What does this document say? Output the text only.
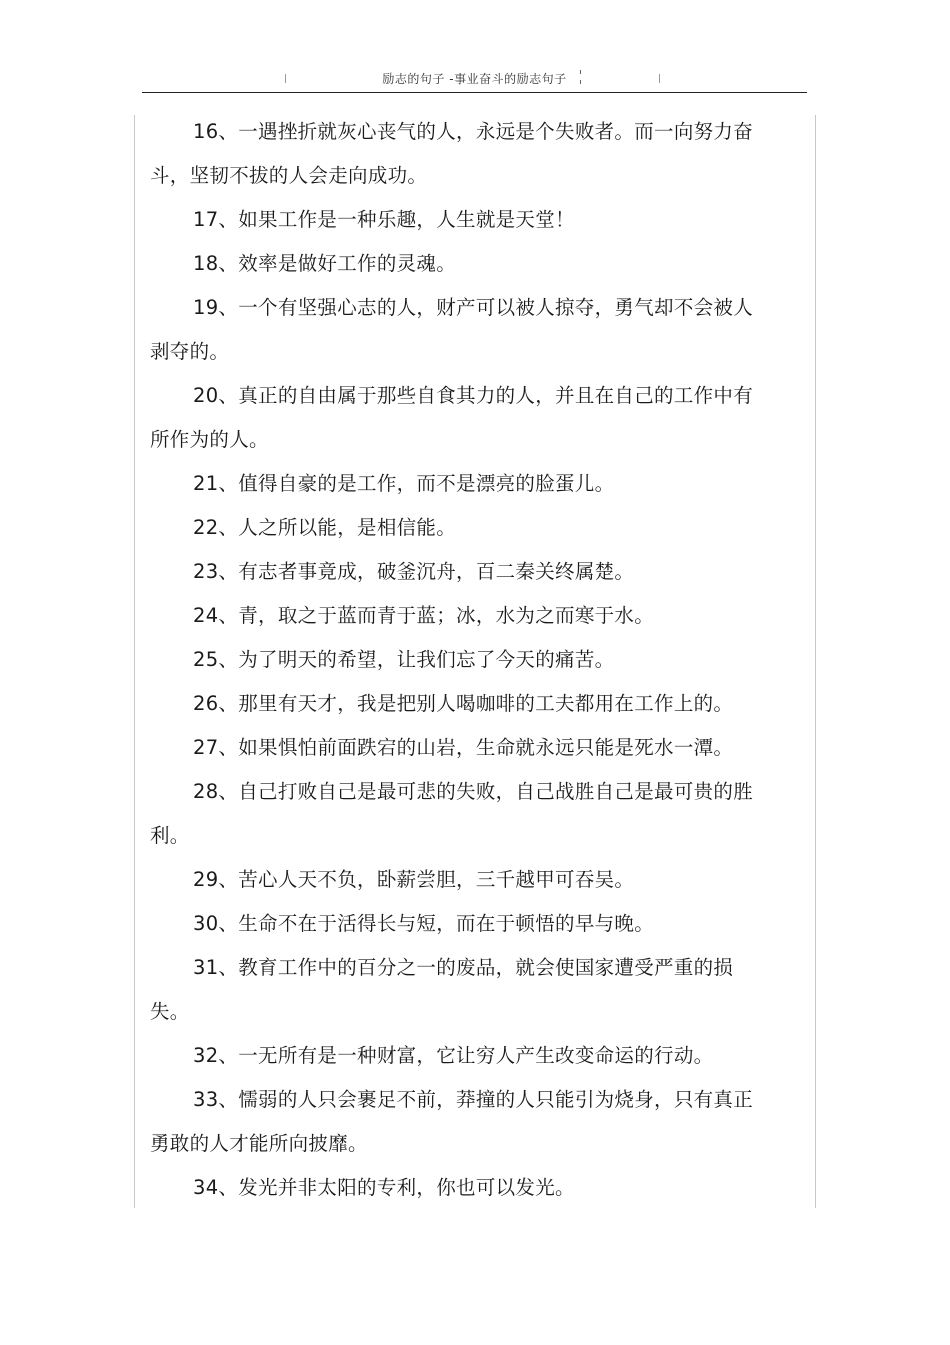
励志的句子 -事业奋斗的励志句子

16、一遇挫折就灰心丧气的人，永远是个失败者。而一向努力奋斗，坚韧不拔的人会走向成功。

17、如果工作是一种乐趣，人生就是天堂！

18、效率是做好工作的灵魂。

19、一个有坚强心志的人，财产可以被人掠夺，勇气却不会被人剥夺的。

20、真正的自由属于那些自食其力的人，并且在自己的工作中有所作为的人。

21、值得自豪的是工作，而不是漂亮的脸蛋儿。

22、人之所以能，是相信能。

23、有志者事竟成，破釜沉舟，百二秦关终属楚。

24、青，取之于蓝而青于蓝；冰，水为之而寒于水。

25、为了明天的希望，让我们忘了今天的痛苦。

26、那里有天才，我是把别人喝咖啡的工夫都用在工作上的。

27、如果惧怕前面跌宕的山岩，生命就永远只能是死水一潭。

28、自己打败自己是最可悲的失败，自己战胜自己是最可贵的胜利。

29、苦心人天不负，卧薪尝胆，三千越甲可吞吴。

30、生命不在于活得长与短，而在于顿悟的早与晚。

31、教育工作中的百分之一的废品，就会使国家遭受严重的损失。

32、一无所有是一种财富，它让穷人产生改变命运的行动。

33、懦弱的人只会裹足不前，莽撞的人只能引为烧身，只有真正勇敢的人才能所向披靡。

34、发光并非太阳的专利，你也可以发光。
